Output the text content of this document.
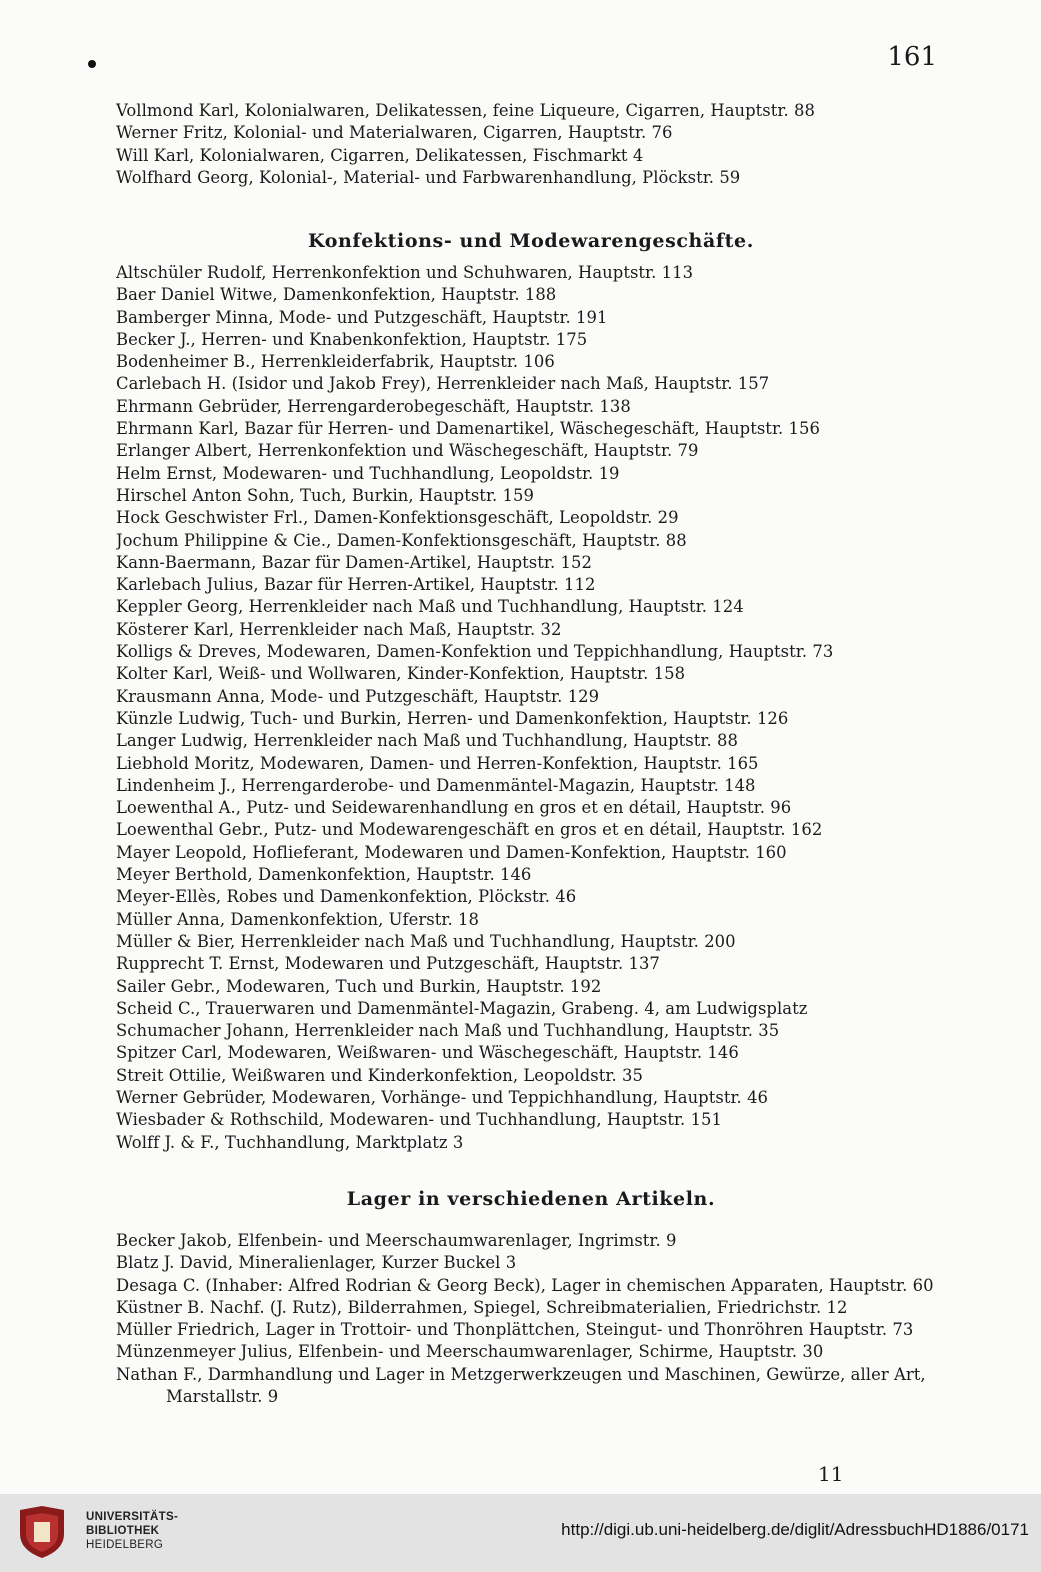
161
Vollmond Karl, Kolonialwaren, Delikatessen, feine Liqueure, Cigarren, Hauptstr. 88
Werner Fritz, Kolonial- und Materialwaren, Cigarren, Hauptstr. 76
Will Karl, Kolonialwaren, Cigarren, Delikatessen, Fischmarkt 4
Wolfhard Georg, Kolonial-, Material- und Farbwarenhandlung, Plöckstr. 59
Konfektions- und Modewarengeschäfte.
Altschüler Rudolf, Herrenkonfektion und Schuhwaren, Hauptstr. 113
Baer Daniel Witwe, Damenkonfektion, Hauptstr. 188
Bamberger Minna, Mode- und Putzgeschäft, Hauptstr. 191
Becker J., Herren- und Knabenkonfektion, Hauptstr. 175
Bodenheimer B., Herrenkleiderfabrik, Hauptstr. 106
Carlebach H. (Isidor und Jakob Frey), Herrenkleider nach Maß, Hauptstr. 157
Ehrmann Gebrüder, Herrengarderobegeschäft, Hauptstr. 138
Ehrmann Karl, Bazar für Herren- und Damenartikel, Wäschegeschäft, Hauptstr. 156
Erlanger Albert, Herrenkonfektion und Wäschegeschäft, Hauptstr. 79
Helm Ernst, Modewaren- und Tuchhandlung, Leopoldstr. 19
Hirschel Anton Sohn, Tuch, Burkin, Hauptstr. 159
Hock Geschwister Frl., Damen-Konfektionsgeschäft, Leopoldstr. 29
Jochum Philippine & Cie., Damen-Konfektionsgeschäft, Hauptstr. 88
Kann-Baermann, Bazar für Damen-Artikel, Hauptstr. 152
Karlebach Julius, Bazar für Herren-Artikel, Hauptstr. 112
Keppler Georg, Herrenkleider nach Maß und Tuchhandlung, Hauptstr. 124
Kösterer Karl, Herrenkleider nach Maß, Hauptstr. 32
Kolligs & Dreves, Modewaren, Damen-Konfektion und Teppichhandlung, Hauptstr. 73
Kolter Karl, Weiß- und Wollwaren, Kinder-Konfektion, Hauptstr. 158
Krausmann Anna, Mode- und Putzgeschäft, Hauptstr. 129
Künzle Ludwig, Tuch- und Burkin, Herren- und Damenkonfektion, Hauptstr. 126
Langer Ludwig, Herrenkleider nach Maß und Tuchhandlung, Hauptstr. 88
Liebhold Moritz, Modewaren, Damen- und Herren-Konfektion, Hauptstr. 165
Lindenheim J., Herrengarderobe- und Damenmäntel-Magazin, Hauptstr. 148
Loewenthal A., Putz- und Seidewarenhandlung en gros et en détail, Hauptstr. 96
Loewenthal Gebr., Putz- und Modewarengeschäft en gros et en détail, Hauptstr. 162
Mayer Leopold, Hoflieferant, Modewaren und Damen-Konfektion, Hauptstr. 160
Meyer Berthold, Damenkonfektion, Hauptstr. 146
Meyer-Ellès, Robes und Damenkonfektion, Plöckstr. 46
Müller Anna, Damenkonfektion, Uferstr. 18
Müller & Bier, Herrenkleider nach Maß und Tuchhandlung, Hauptstr. 200
Rupprecht T. Ernst, Modewaren und Putzgeschäft, Hauptstr. 137
Sailer Gebr., Modewaren, Tuch und Burkin, Hauptstr. 192
Scheid C., Trauerwaren und Damenmäntel-Magazin, Grabeng. 4, am Ludwigsplatz
Schumacher Johann, Herrenkleider nach Maß und Tuchhandlung, Hauptstr. 35
Spitzer Carl, Modewaren, Weißwaren- und Wäschegeschäft, Hauptstr. 146
Streit Ottilie, Weißwaren und Kinderkonfektion, Leopoldstr. 35
Werner Gebrüder, Modewaren, Vorhänge- und Teppichhandlung, Hauptstr. 46
Wiesbader & Rothschild, Modewaren- und Tuchhandlung, Hauptstr. 151
Wolff J. & F., Tuchhandlung, Marktplatz 3
Lager in verschiedenen Artikeln.
Becker Jakob, Elfenbein- und Meerschaumwarenlager, Ingrimstr. 9
Blatz J. David, Mineralienlager, Kurzer Buckel 3
Desaga C. (Inhaber: Alfred Rodrian & Georg Beck), Lager in chemischen Apparaten, Hauptstr. 60
Küstner B. Nachf. (J. Rutz), Bilderrahmen, Spiegel, Schreibmaterialien, Friedrichstr. 12
Müller Friedrich, Lager in Trottoir- und Thonplättchen, Steingut- und Thonröhren Hauptstr. 73
Münzenmeyer Julius, Elfenbein- und Meerschaumwarenlager, Schirme, Hauptstr. 30
Nathan F., Darmhandlung und Lager in Metzgerwerkzeugen und Maschinen, Gewürze, aller Art, Marstallstr. 9
11
UNIVERSITÄTS-
BIBLIOTHEK
HEIDELBERG
http://digi.ub.uni-heidelberg.de/diglit/AdressbuchHD1886/0171
